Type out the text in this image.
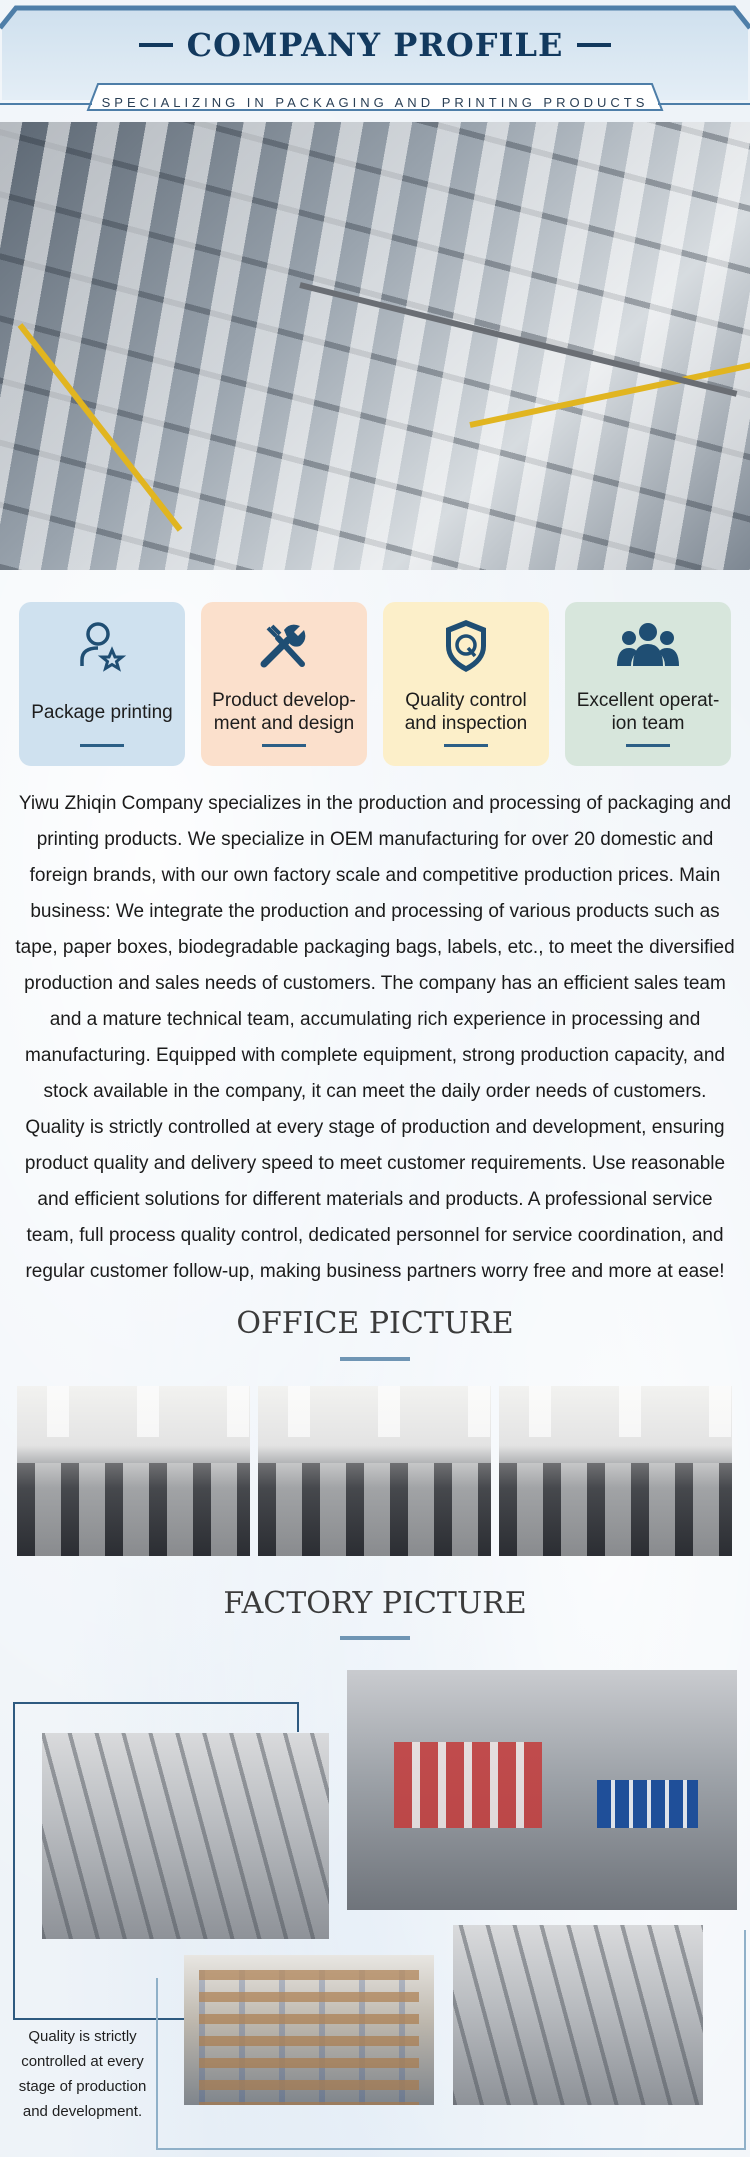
COMPANY PROFILE
SPECIALIZING IN PACKAGING AND PRINTING PRODUCTS
Package printing
Product develop-ment and design
Quality control and inspection
Excellent operat-ion team
Yiwu Zhiqin Company specializes in the production and processing of packaging and printing products. We specialize in OEM manufacturing for over 20 domestic and foreign brands, with our own factory scale and competitive production prices. Main business: We integrate the production and processing of various products such as tape, paper boxes, biodegradable packaging bags, labels, etc., to meet the diversified production and sales needs of customers. The company has an efficient sales team and a mature technical team, accumulating rich experience in processing and manufacturing. Equipped with complete equipment, strong production capacity, and stock available in the company, it can meet the daily order needs of customers. Quality is strictly controlled at every stage of production and development, ensuring product quality and delivery speed to meet customer requirements. Use reasonable and efficient solutions for different materials and products. A professional service team, full process quality control, dedicated personnel for service coordination, and regular customer follow-up, making business partners worry free and more at ease!
OFFICE PICTURE
FACTORY PICTURE
Quality is strictly controlled at every stage of production and development.
